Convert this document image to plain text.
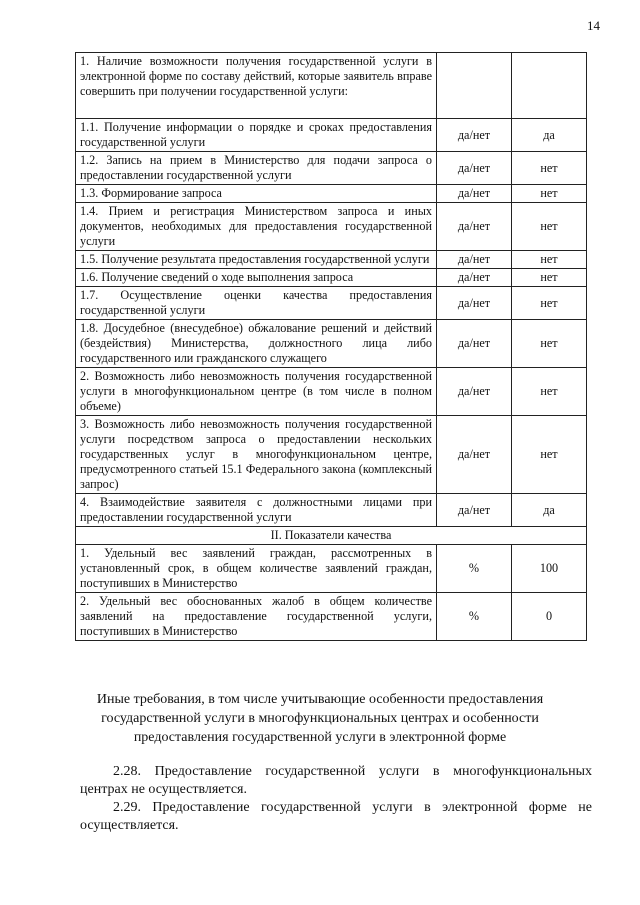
14
1. Наличие возможности получения государственной услуги в электронной форме по составу действий, которые заявитель вправе совершить при получении государственной услуги:		
1.1. Получение информации о порядке и сроках предоставления государственной услуги	да/нет	да
1.2. Запись на прием в Министерство для подачи запроса о предоставлении государственной услуги	да/нет	нет
1.3. Формирование запроса	да/нет	нет
1.4. Прием и регистрация Министерством запроса и иных документов, необходимых для предоставления государственной услуги	да/нет	нет
1.5. Получение результата предоставления государственной услуги	да/нет	нет
1.6. Получение сведений о ходе выполнения запроса	да/нет	нет
1.7. Осуществление оценки качества предоставления государственной услуги	да/нет	нет
1.8. Досудебное (внесудебное) обжалование решений и действий (бездействия) Министерства, должностного лица либо государственного или гражданского служащего	да/нет	нет
2. Возможность либо невозможность получения государственной услуги в многофункциональном центре (в том числе в полном объеме)	да/нет	нет
3. Возможность либо невозможность получения государственной услуги посредством запроса о предоставлении нескольких государственных услуг в многофункциональном центре, предусмотренного статьей 15.1 Федерального закона (комплексный запрос)	да/нет	нет
4. Взаимодействие заявителя с должностными лицами при предоставлении государственной услуги	да/нет	да
II. Показатели качества		
1. Удельный вес заявлений граждан, рассмотренных в установленный срок, в общем количестве заявлений граждан, поступивших в Министерство	%	100
2. Удельный вес обоснованных жалоб в общем количестве заявлений на предоставление государственной услуги, поступивших в Министерство	%	0
Иные требования, в том числе учитывающие особенности предоставления государственной услуги в многофункциональных центрах и особенности предоставления государственной услуги в электронной форме

2.28. Предоставление государственной услуги в многофункциональных центрах не осуществляется.

2.29. Предоставление государственной услуги в электронной форме не осуществляется.
